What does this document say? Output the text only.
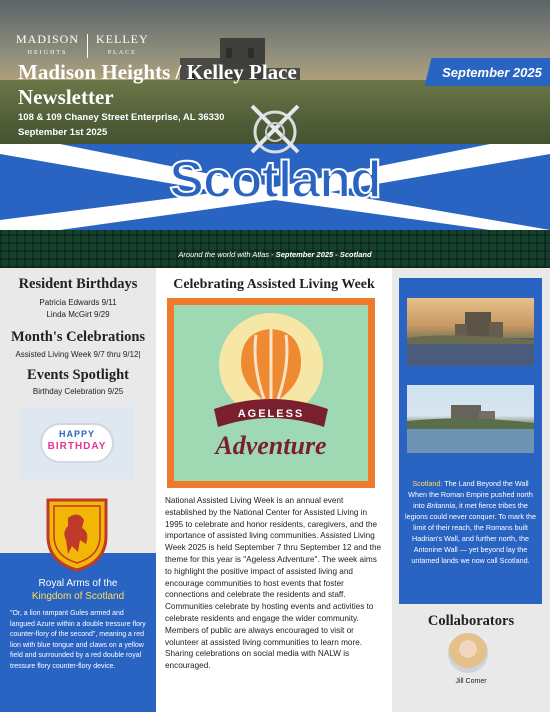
MADISON
HEIGHTS
KELLEY
PLACE
Madison Heights / Kelley Place
Newsletter
108 & 109 Chaney Street Enterprise, AL 36330
September 1st 2025
September 2025
Scotland
Around the world with Atlas - September 2025 - Scotland
Resident Birthdays
Patricia Edwards 9/11
Linda McGirt 9/29
Month's Celebrations
Assisted Living Week 9/7 thru 9/12|
Events Spotlight
Birthday Celebration 9/25
HAPPY
BIRTHDAY
Royal Arms of the
Kingdom of Scotland
"Or, a lion rampant Gules armed and langued Azure within a double tressure flory counter-flory of the second", meaning a red lion with blue tongue and claws on a yellow field and surrounded by a red double royal tressure flory counter-flory device.
Celebrating Assisted Living Week
AGELESS
Adventure
National Assisted Living Week is an annual event established by the National Center for Assisted Living in 1995 to celebrate and honor residents, caregivers, and the importance of assisted living communities. Assisted Living Week 2025 is held September 7 thru September 12 and the theme for this year is "Ageless Adventure". The week aims to highlight the positive impact of assisted living and encourage communities to host events that foster connections and celebrate the residents and staff. Communities celebrate by hosting events and activities to celebrate residents and engage the wider community. Members of public are always encouraged to visit or volunteer at assisted living communities to learn more. Sharing celebrations on social media with NALW is encouraged.
Scotland: The Land Beyond the Wall When the Roman Empire pushed north into Britannia, it met fierce tribes the legions could never conquer. To mark the limit of their reach, the Romans built Hadrian's Wall, and further north, the Antonine Wall — yet beyond lay the untamed lands we now call Scotland.
Collaborators
Jill Comer
